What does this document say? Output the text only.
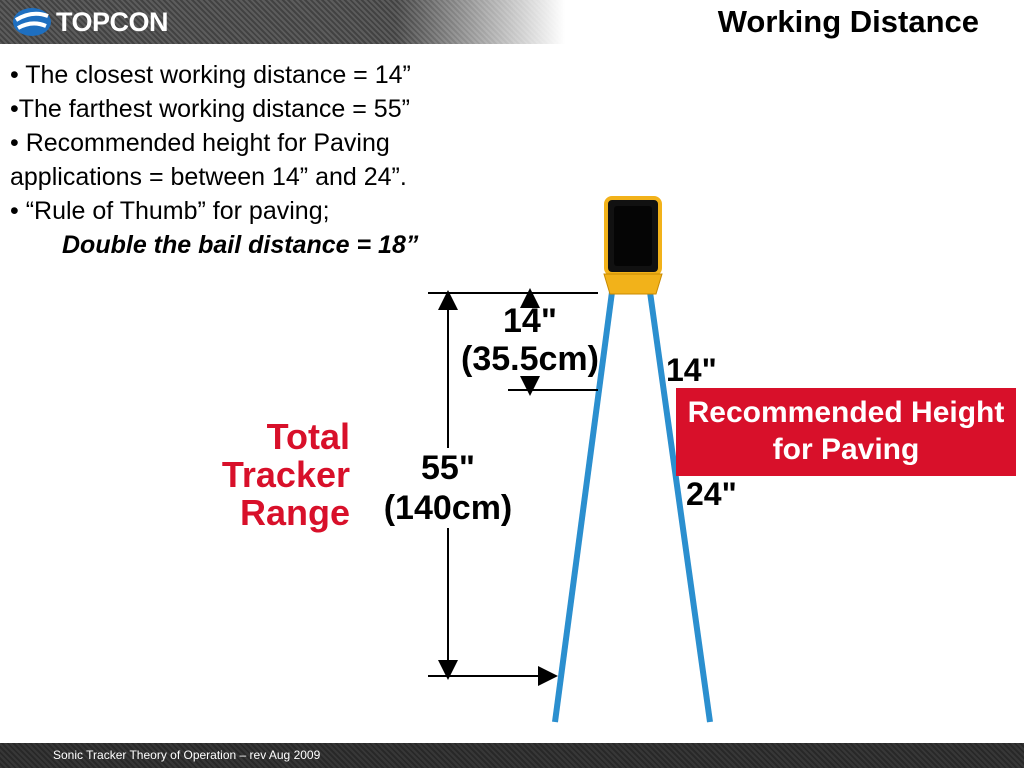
TOPCON	Working Distance
• The closest working distance = 14”
•The farthest working distance = 55”
• Recommended height for Paving
applications = between 14” and 24”.
• “Rule of Thumb” for paving;
Double the bail distance = 18”
14"
(35.5cm)
55"
(140cm)
Total
Tracker
Range
14"
Recommended Height
for Paving
24"
Sonic Tracker Theory of Operation – rev Aug 2009
